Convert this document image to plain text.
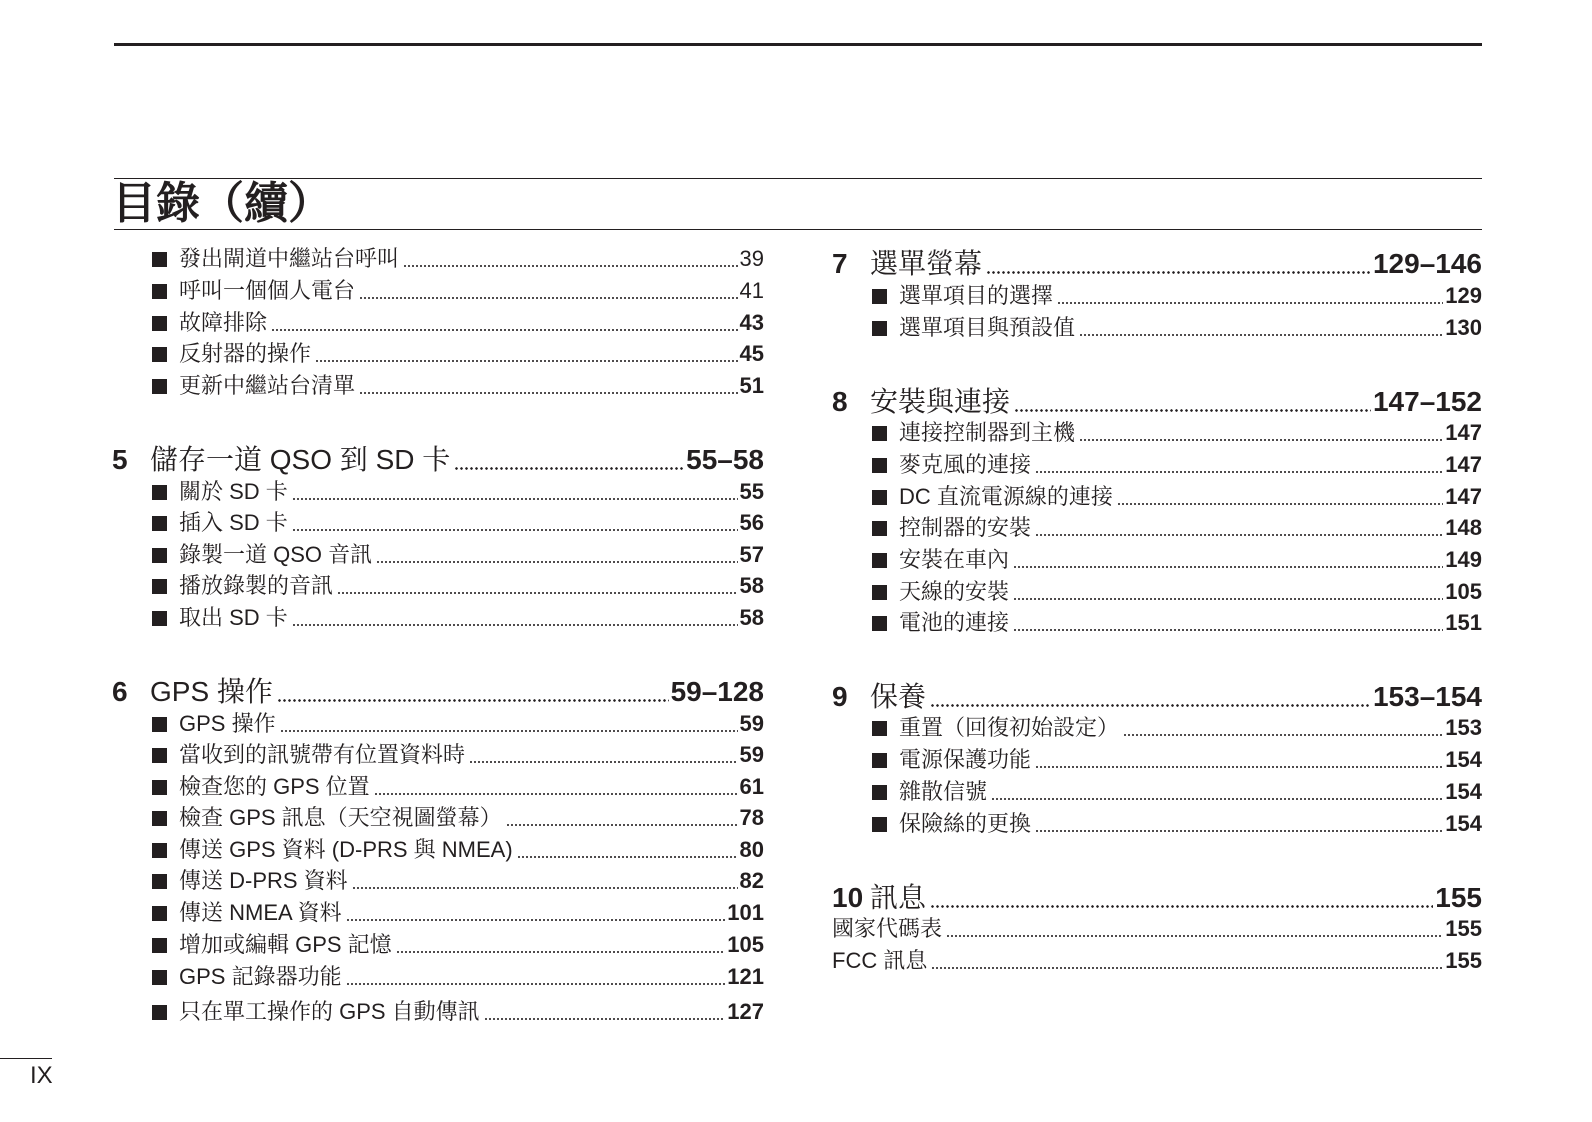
目錄（續）
發出閘道中繼站台呼叫	39
呼叫一個個人電台	41
故障排除	43
反射器的操作	45
更新中繼站台清單	51
5 儲存一道 QSO 到 SD 卡	55–58
關於 SD 卡	55
插入 SD 卡	56
錄製一道 QSO 音訊	57
播放錄製的音訊	58
取出 SD 卡	58
6 GPS 操作	59–128
GPS 操作	59
當收到的訊號帶有位置資料時	59
檢查您的 GPS 位置	61
檢查 GPS 訊息（天空視圖螢幕）	78
傳送 GPS 資料 (D-PRS 與 NMEA)	80
傳送 D-PRS 資料	82
傳送 NMEA 資料	101
增加或編輯 GPS 記憶	105
GPS 記錄器功能	121
只在單工操作的 GPS 自動傳訊	127
7 選單螢幕	129–146
選單項目的選擇	129
選單項目與預設值	130
8 安裝與連接	147–152
連接控制器到主機	147
麥克風的連接	147
DC 直流電源線的連接	147
控制器的安裝	148
安裝在車內	149
天線的安裝	105
電池的連接	151
9 保養	153–154
重置（回復初始設定）	153
電源保護功能	154
雜散信號	154
保險絲的更換	154
10 訊息	155
國家代碼表	155
FCC 訊息	155
IX
